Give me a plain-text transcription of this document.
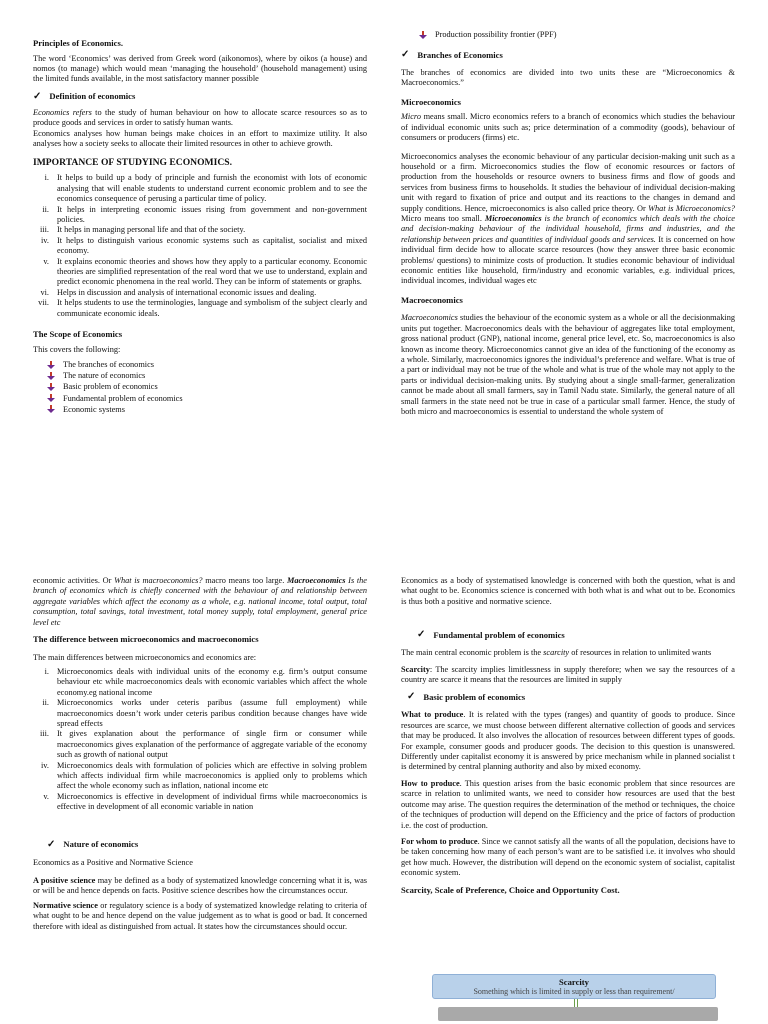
Principles of Economics.

The word ‘Economics’ was derived from Greek word (aikonomos), where by oikos (a house) and nomos (to manage) which would mean ‘managing the household’ (household management) using the limited funds available, in the most satisfactory manner possible

✓ Definition of economics

Economics refers to the study of human behaviour on how to allocate scarce resources so as to produce goods and services in order to satisfy human wants.

Economics analyses how human beings make choices in an effort to maximize utility. It also analyses how a society seeks to allocate their limited resources in other to achieve growth.

IMPORTANCE OF STUDYING ECONOMICS.
i. It helps to build up a body of principle and furnish the economist with lots of economic analysing that will enable students to understand current economic problem and to see the economics consequence of perusing a particular time of policy.
ii. It helps in interpreting economic issues rising from government and non-government policies.
iii. It helps in managing personal life and that of the society.
iv. It helps to distinguish various economic systems such as capitalist, socialist and mixed economy.
v. It explains economic theories and shows how they apply to a particular economy. Economic theories are simplified representation of the real word that we use to understand, explain and predict economic phenomena in the real world. They can be inform of statements or graphs.
vi. Helps in discussion and analysis of international economic issues and dealing.
vii. It helps students to use the terminologies, language and symbolism of the subject clearly and communicate economic ideals.
The Scope of Economics

This covers the following:

The branches of economics
The nature of economics
Basic problem of economics
Fundamental problem of economics
Economic systems
Production possibility frontier (PPF)
✓ Branches of Economics

The branches of economics are divided into two units these are “Microeconomics & Macroeconomics.”

Microeconomics

Micro means small. Micro economics refers to a branch of economics which studies the behaviour of individual economic units such as; price determination of a commodity (goods), behaviour of consumers or producers (firms) etc.

Microeconomics analyses the economic behaviour of any particular decision-making unit such as a household or a firm. Microeconomics studies the flow of economic resources or factors of production from the households or resource owners to business firms and flow of goods and services from business firms to households. It studies the behaviour of individual decision-making unit with regard to fixation of price and output and its reactions to the changes in demand and supply conditions. Hence, microeconomics is also called price theory. Or What is Microeconomics? Micro means too small. Microeconomics is the branch of economics which deals with the choice and decision-making behaviour of the individual household, firms and industries, and the relationship between prices and quantities of individual goods and services. It is concerned on how individual firm decide how to allocate scarce resources (how they answer three basic economic problems/ questions) to minimize costs of production. It studies economic behaviour of individual economic entities like household, firm/industry and economic variables, e.g. individual prices, individual incomes, individual wages etc

Macroeconomics

Macroeconomics studies the behaviour of the economic system as a whole or all the decisionmaking units put together. Macroeconomics deals with the behaviour of aggregates like total employment, gross national product (GNP), national income, general price level, etc. So, macroeconomics is also known as income theory. Microeconomics cannot give an idea of the functioning of the economy as a whole. Similarly, macroeconomics ignores the individual’s preference and welfare. What is true of a part or individual may not be true of the whole and what is true of the whole may not apply to the parts or individual decision-making units. By studying about a single small-farmer, generalization cannot be made about all small farmers, say in Tamil Nadu state. Similarly, the general nature of all small farmers in the state need not be true in case of a particular small farmer. Hence, the study of both micro and macroeconomics is essential to understand the whole system of

economic activities. Or What is macroeconomics? macro means too large. Macroeconomics Is the branch of economics which is chiefly concerned with the behaviour of and relationship between aggregate variables which affect the economy as a whole, e.g. national income, total output, total consumption, total savings, total investment, total money supply, total employment, general price level etc

The difference between microeconomics and macroeconomics

The main differences between microeconomics and economics are:

i. Microeconomics deals with individual units of the economy e.g. firm’s output consume behaviour etc while macroeconomics deals with economic variables which affect the whole economy.eg national income
ii. Microeconomics works under ceteris paribus (assume full employment) while macroeconomics doesn’t work under ceteris paribus condition because changes have wide spread effects
iii. It gives explanation about the performance of single firm or consumer while macroeconomics gives explanation of the performance of aggregate variable of the economy such as growth of national output
iv. Microeconomics deals with formulation of policies which are effective in solving problem which affects individual firm while macroeconomics is applied only to problems which affect the whole economy such as inflation, national income etc
v. Microeconomics is effective in development of individual firms while macroeconomics is effective in development of all economic variable in nation
✓ Nature of economics

Economics as a Positive and Normative Science

A positive science may be defined as a body of systematized knowledge concerning what it is, was or will be and hence depends on facts. Positive science describes how the circumstances occur.

Normative science or regulatory science is a body of systematized knowledge relating to criteria of what ought to be and hence depend on the value judgement as to what is good or bad. It concerned therefore with ideal as distinguished from actual. It states how the circumstances should occur.

Economics as a body of systematised knowledge is concerned with both the question, what is and what ought to be. Economics science is concerned with both what is and what out to be. Economics is thus both a positive and normative science.

✓ Fundamental problem of economics

The main central economic problem is the scarcity of resources in relation to unlimited wants

Scarcity: The scarcity implies limitlessness in supply therefore; when we say the resources of a country are scarce it means that the resources are limited in supply

✓ Basic problem of economics

What to produce. It is related with the types (ranges) and quantity of goods to produce. Since resources are scarce, we must choose between different alternative collection of goods and services that may be produced. It also involves the allocation of resources between different types of goods. For example, consumer goods and producer goods. The decision to this question is unanswered. Differently under capitalist economy it is answered by price mechanism while in planned socialist t is determined by central planning authority and also by mixed economy.

How to produce. This question arises from the basic economic problem that since resources are scarce in relation to unlimited wants, we need to consider how resources are used that the best outcome may arise. The question requires the determination of the method or techniques, the choice of the techniques of production will depend on the Efficiency and the price of factors of production i.e. the cost of production.

For whom to produce. Since we cannot satisfy all the wants of all the population, decisions have to be taken concerning how many of each person’s want are to be satisfied i.e. it involves who should get how much. However, the distribution will depend on the economic system of socialist, capitalist economic system.

Scarcity, Scale of Preference, Choice and Opportunity Cost.
Scarcity
Something which is limited in supply or less than requirement/
